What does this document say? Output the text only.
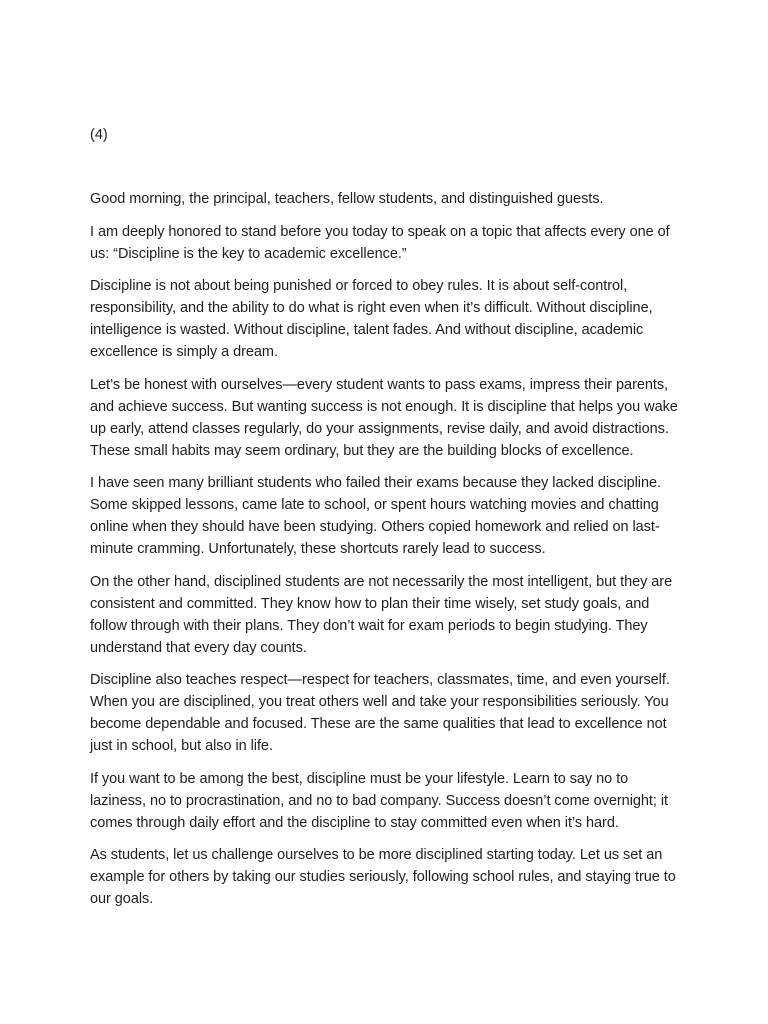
(4)

Good morning, the principal, teachers, fellow students, and distinguished guests.

I am deeply honored to stand before you today to speak on a topic that affects every one of us: “Discipline is the key to academic excellence.”

Discipline is not about being punished or forced to obey rules. It is about self-control, responsibility, and the ability to do what is right even when it’s difficult. Without discipline, intelligence is wasted. Without discipline, talent fades. And without discipline, academic excellence is simply a dream.

Let’s be honest with ourselves—every student wants to pass exams, impress their parents, and achieve success. But wanting success is not enough. It is discipline that helps you wake up early, attend classes regularly, do your assignments, revise daily, and avoid distractions. These small habits may seem ordinary, but they are the building blocks of excellence.

I have seen many brilliant students who failed their exams because they lacked discipline. Some skipped lessons, came late to school, or spent hours watching movies and chatting online when they should have been studying. Others copied homework and relied on last-minute cramming. Unfortunately, these shortcuts rarely lead to success.

On the other hand, disciplined students are not necessarily the most intelligent, but they are consistent and committed. They know how to plan their time wisely, set study goals, and follow through with their plans. They don’t wait for exam periods to begin studying. They understand that every day counts.

Discipline also teaches respect—respect for teachers, classmates, time, and even yourself. When you are disciplined, you treat others well and take your responsibilities seriously. You become dependable and focused. These are the same qualities that lead to excellence not just in school, but also in life.

If you want to be among the best, discipline must be your lifestyle. Learn to say no to laziness, no to procrastination, and no to bad company. Success doesn’t come overnight; it comes through daily effort and the discipline to stay committed even when it’s hard.

As students, let us challenge ourselves to be more disciplined starting today. Let us set an example for others by taking our studies seriously, following school rules, and staying true to our goals.
